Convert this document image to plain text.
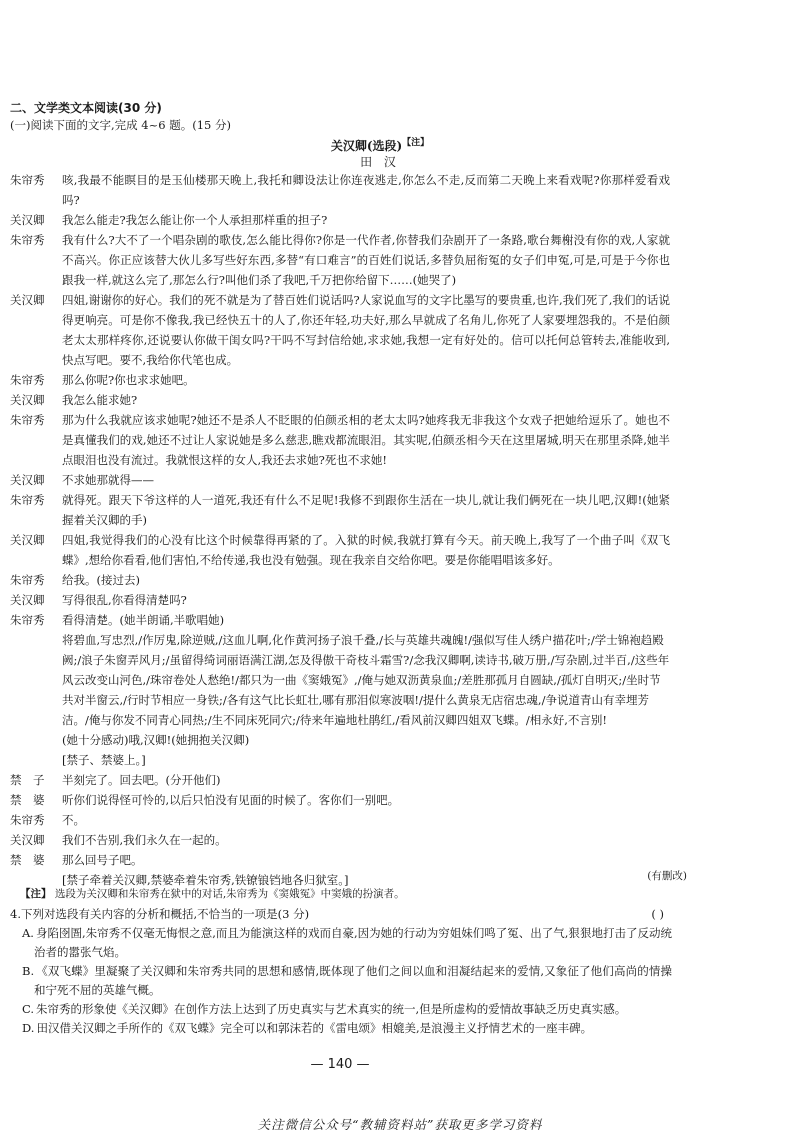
二、文学类文本阅读(30 分)
(一)阅读下面的文字,完成 4~6 题。(15 分)
关汉卿(选段)$^{【注】}$
田 汉
朱帘秀	咳,我最不能瞑目的是玉仙楼那天晚上,我托和卿设法让你连夜逃走,你怎么不走,反而第二天晚上来看戏呢?你那样爱看戏吗?
关汉卿	我怎么能走?我怎么能让你一个人承担那样重的担子?
朱帘秀	我有什么?大不了一个唱杂剧的歌伎,怎么能比得你?你是一代作者,你替我们杂剧开了一条路,歌台舞榭没有你的戏,人家就不高兴。你正应该替大伙儿多写些好东西,多替“有口难言”的百姓们说话,多替负屈衔冤的女子们申冤,可是,可是于今你也跟我一样,就这么完了,那怎么行?叫他们杀了我吧,千万把你给留下……(她哭了)
关汉卿	四姐,谢谢你的好心。我们的死不就是为了替百姓们说话吗?人家说血写的文字比墨写的要贵重,也许,我们死了,我们的话说得更响亮。可是你不像我,我已经快五十的人了,你还年轻,功夫好,那么早就成了名角儿,你死了人家要埋怨我的。不是伯颜老太太那样疼你,还说要认你做干闺女吗?干吗不写封信给她,求求她,我想一定有好处的。信可以托何总管转去,准能收到,快点写吧。要不,我给你代笔也成。
朱帘秀	那么你呢?你也求求她吧。
关汉卿	我怎么能求她?
朱帘秀	那为什么我就应该求她呢?她还不是杀人不眨眼的伯颜丞相的老太太吗?她疼我无非我这个女戏子把她给逗乐了。她也不是真懂我们的戏,她还不过让人家说她是多么慈悲,瞧戏都流眼泪。其实呢,伯颜丞相今天在这里屠城,明天在那里杀降,她半点眼泪也没有流过。我就恨这样的女人,我还去求她?死也不求她!
关汉卿	不求她那就得——
朱帘秀	就得死。跟天下爷这样的人一道死,我还有什么不足呢!我修不到跟你生活在一块儿,就让我们俩死在一块儿吧,汉卿!(她紧握着关汉卿的手)
关汉卿	四姐,我觉得我们的心没有比这个时候靠得再紧的了。入狱的时候,我就打算有今天。前天晚上,我写了一个曲子叫《双飞蝶》,想给你看看,他们害怕,不给传递,我也没有勉强。现在我亲自交给你吧。要是你能唱唱该多好。
朱帘秀	给我。(接过去)
关汉卿	写得很乱,你看得清楚吗?
朱帘秀	看得清楚。(她半朗诵,半歌唱她)
将碧血,写忠烈,/作厉鬼,除逆贼,/这血儿啊,化作黄河扬子浪千叠,/长与英雄共魂魄!/强似写佳人绣户描花叶;/学士锦袍趋殿阙;/浪子朱窗弄风月;/虽留得绮词丽语满江湖,怎及得傲干奇枝斗霜雪?/念我汉卿啊,读诗书,破万册,/写杂剧,过半百,/这些年风云改变山河色,/珠帘卷处人愁绝!/都只为一曲《窦娥冤》,/俺与她双沥黄泉血;/差胜那孤月自圆缺,/孤灯自明灭;/坐时节共对半窗云,/行时节相应一身铁;/各有这气比长虹壮,哪有那泪似寒波咽!/提什么黄泉无店宿忠魂,/争说道青山有幸埋芳洁。/俺与你发不同青心同热;/生不同床死同穴;/待来年遍地杜鹃红,/看风前汉卿四姐双飞蝶。/相永好,不言别!
(她十分感动)哦,汉卿!(她拥抱关汉卿)
[禁子、禁婆上。]
禁　子	半刻完了。回去吧。(分开他们)
禁　婆	听你们说得怪可怜的,以后只怕没有见面的时候了。客你们一别吧。
朱帘秀	不。
关汉卿	我们不告别,我们永久在一起的。
禁　婆	那么回号子吧。
[禁子牵着关汉卿,禁婆牵着朱帘秀,铁镣锒铛地各归狱室。]	(有删改)
【注】 选段为关汉卿和朱帘秀在狱中的对话,朱帘秀为《窦娥冤》中窦娥的扮演者。
4.下列对选段有关内容的分析和概括,不恰当的一项是(3 分)	( )
A. 身陷囹圄,朱帘秀不仅毫无悔恨之意,而且为能演这样的戏而自豪,因为她的行动为穷姐妹们鸣了冤、出了气,狠狠地打击了反动统治者的嚣张气焰。
B. 《双飞蝶》里凝聚了关汉卿和朱帘秀共同的思想和感情,既体现了他们之间以血和泪凝结起来的爱情,又象征了他们高尚的情操和宁死不屈的英雄气概。
C. 朱帘秀的形象使《关汉卿》在创作方法上达到了历史真实与艺术真实的统一,但是所虚构的爱情故事缺乏历史真实感。
D. 田汉借关汉卿之手所作的《双飞蝶》完全可以和郭沫若的《雷电颂》相媲美,是浪漫主义抒情艺术的一座丰碑。
— 140 —
关注微信公众号“教辅资料站”获取更多学习资料
